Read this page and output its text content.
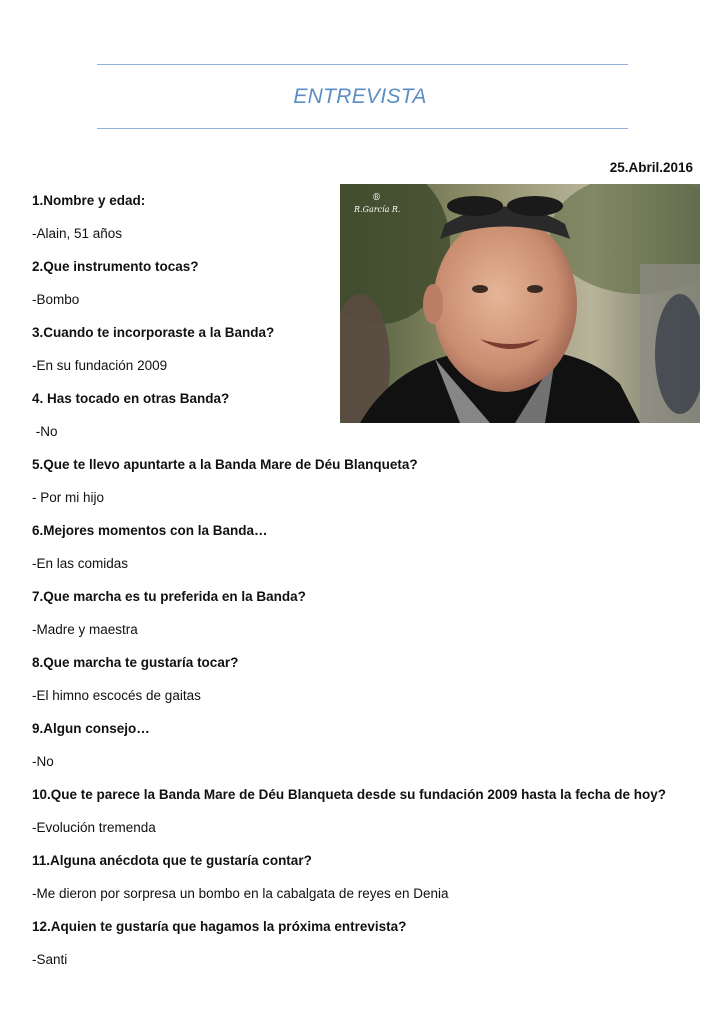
ENTREVISTA
25.Abril.2016
®
R.García R.
1.Nombre y edad:
-Alain, 51 años
2.Que instrumento tocas?
-Bombo
3.Cuando te incorporaste a la Banda?
-En su fundación 2009
4. Has tocado en otras Banda?
-No
5.Que te llevo apuntarte a la Banda Mare de Déu Blanqueta?
- Por mi hijo
6.Mejores momentos con la Banda…
-En las comidas
7.Que marcha es tu preferida en la Banda?
-Madre y maestra
8.Que marcha te gustaría tocar?
-El himno escocés de gaitas
9.Algun consejo…
-No
10.Que te parece la Banda Mare de Déu Blanqueta desde su fundación 2009 hasta la fecha de hoy?
-Evolución tremenda
11.Alguna anécdota que te gustaría contar?
-Me dieron por sorpresa un bombo en la cabalgata de reyes en Denia
12.Aquien te gustaría que hagamos la próxima entrevista?
-Santi
